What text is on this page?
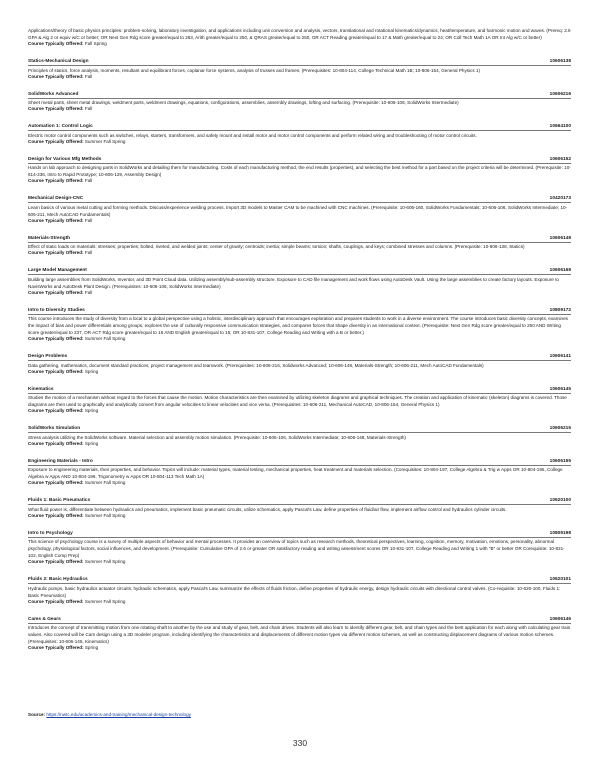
Applications/theory of basic physics principles: problem-solving, laboratory investigation, and applications including unit conversion and analysis, vectors, translational and rotational kinematics/dynamics, heat/temperature, and harmonic motion and waves. (Prereq: 2.6 GPA & Alg 2 or equiv w/C or better; OR Next Gen Rdg score greater/equal to 263, Arith greater/equal to 250, & QRAS greater/equal to 250, OR ACT Reading greater/equal to 17 & Math greater/equal to 24; OR Coll Tech Math 1A OR Int Alg w/C or better)
Course Typically Offered: Fall Spring
Statics-Mechanical Design	10606138
Principles of statics, force analysis, moments, resultant and equilibrant forces, coplanar force systems, analysis of trusses and frames. (Prerequisites: 10-804-114, College Technical Math 1B; 10-806-154, General Physics 1)
Course Typically Offered: Fall
SolidWorks Advanced	10606216
Sheet metal parts, sheet metal drawings, weldment parts, weldment drawings, equations, configurations, assemblies, assembly drawings, lofting and surfacing. (Prerequisite: 10-606-106, SolidWorks Intermediate)
Course Typically Offered: Fall
Automation 1: Control Logic	10664100
Electric motor control components such as switches, relays, starters, transformers, and safety mount and install motor and motor control components and perform related wiring and troubleshooting of motor control circuits.
Course Typically Offered: Summer Fall Spring
Design for Various Mfg Methods	10606152
Hands on lab approach to designing parts in SolidWorks and detailing them for manufacturing. Costs of each manufacturing method, the end results (properties), and selecting the best method for a part based on the project criteria will be determined. (Prerequisite: 10-614-236, Intro to Rapid Prototype; 10-606-129, Assembly Design)
Course Typically Offered: Fall
Mechanical Design-CNC	10420173
Learn basics of various metal cutting and forming methods. Discuss/experience welding process. Import 3D models to Master CAM to be machined with CNC machines. (Prerequisite: 10-606-160, SolidWorks Fundamentals; 10-606-106, SolidWorks Intermediate; 10-606-211, Mech AutoCAD Fundamentals)
Course Typically Offered: Fall
Materials-Strength	10606148
Effect of static loads on materials; stresses; properties; bolted, riveted, and welded joints; center of gravity; centroids; inertia; simple beams; torsion; shafts, couplings, and keys; combined stresses and columns. (Prerequisite: 10-606-138, Statics)
Course Typically Offered: Fall
Large Model Management	10606168
Building large assemblies from SolidWorks, Inventor, and 3D Point Cloud data. Utilizing assembly/sub-assembly structure. Exposure to CAD file management and work flows using AutoDesk Vault. Using the large assemblies to create factory layouts. Exposure to NavisWorks and AutoDesk Plant Design. (Prerequisites: 10-606-106, SolidWorks Intermediate)
Course Typically Offered: Fall
Intro to Diversity Studies	10809172
This course introduces the study of diversity from a local to a global perspective using a holistic, interdisciplinary approach that encourages exploration and prepares students to work in a diverse environment. The course introduces basic diversity concepts, examines the impact of bias and power differentials among groups, explores the use of culturally responsive communication strategies, and compares forces that shape diversity in an international context. (Prerequisite: Next Gen Rdg score greater/equal to 250 AND Writing score greater/equal to 237, OR ACT Rdg score greater/equal to 16 AND English greater/equal to 15; OR 10-831-107, College Reading and Writing with a B or better.)
Course Typically Offered: Summer Fall Spring
Design Problems	10606141
Data gathering, mathematics, document standard practices, project management and teamwork. (Prerequisites: 10-606-216, Solidworks Advanced; 10-606-148, Materials-Strength; 10-606-211, Mech AutoCAD Fundamentals)
Course Typically Offered: Spring
Kinematics	10606145
Studies the motion of a mechanism without regard to the forces that cause the motion. Motion characteristics are then examined by utilizing skeleton diagrams and graphical techniques. The creation and application of kinematic (skeleton) diagrams is covered. Those diagrams are then used to graphically and analytically convert from angular velocities to linear velocities and vice versa. (Prerequisites: 10-606-211, Mechanical AutoCAD, 10-806-154, General Physics 1)
Course Typically Offered: Spring
SolidWorks Simulation	10606215
Stress analysis utilizing the SolidWorks software. Material selection and assembly motion simulation. (Prerequisite: 10-606-106, SolidWorks Intermediate; 10-606-148, Materials-Strength)
Course Typically Offered: Spring
Engineering Materials - Intro	10606155
Exposure to engineering materials, their properties, and behavior. Topics will include: material types, material testing, mechanical properties, heat treatment and materials selection. (Corequisites: 10-804-197, College Algebra & Trig w Apps OR 10-804-195, College Algebra w Apps AND 10-804-196, Trigonometry w Apps OR 10-804-113 Tech Math 1A)
Course Typically Offered: Summer Fall Spring
Fluids 1: Basic Pneumatics	10620100
What fluid power is, differentiate between hydraulics and pneumatics, implement basic pneumatic circuits, utilize schematics, apply Pascal's Law, define properties of fluid/air flow, implement airflow control and hydraulics cylinder circuits.
Course Typically Offered: Summer Fall Spring
Intro to Psychology	10809198
This science of psychology course is a survey of multiple aspects of behavior and mental processes. It provides an overview of topics such as research methods, theoretical perspectives, learning, cognition, memory, motivation, emotions, personality, abnormal psychology, physiological factors, social influences, and development. (Prerequisite: Cumulative GPA of 2.6 or greater OR satisfactory reading and writing assessment scores OR 10-831-107, College Reading and Writing 1 with "B" or better OR Corequisite: 10-831-102, English Comp Prep)
Course Typically Offered: Summer Fall Spring
Fluids 2: Basic Hydraulics	10620101
Hydraulic pumps, basic hydraulics actuator circuits, hydraulic schematics, apply Pascal's Law, summarize the effects of fluids friction, define properties of hydraulic energy, design hydraulic circuits with directional control valves. (Co-requisite: 10-620-100, Fluids 1: Basic Pneumatics)
Course Typically Offered: Summer Fall Spring
Cams & Gears	10606146
Introduces the concept of transmitting motion from one rotating shaft to another by the use and study of gear, belt, and chain drives. Students will also learn to identify different gear, belt, and chain types and the best application for each along with calculating gear train values. Also covered will be Cam design using a 3D modeler program, including identifying the characteristics and displacements of different motion types via different motion schemes, as well as constructing displacement diagrams of various motion schemes. (Prerequisites: 10-606-145, Kinematics)
Course Typically Offered: Spring
Source: https://nwtc.edu/academics-and-training/mechanical-design-technology
330
